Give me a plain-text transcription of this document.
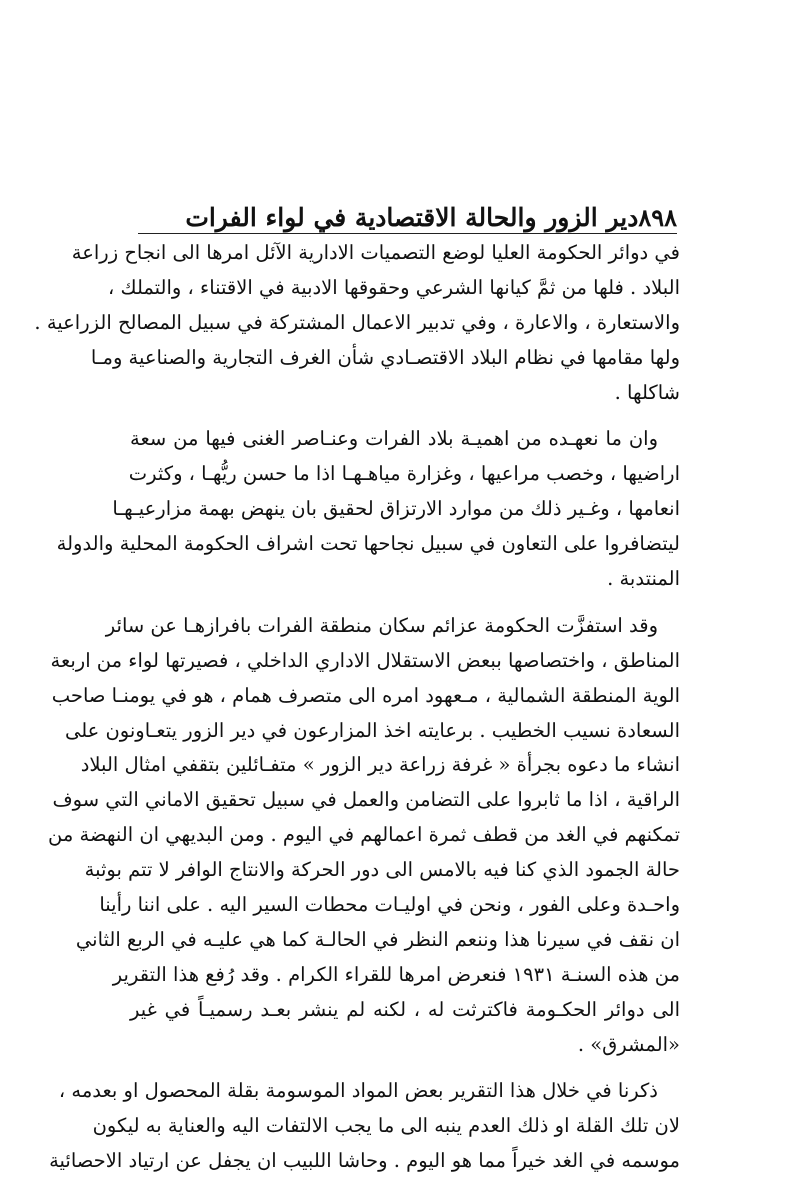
٨٩٨
دير الزور والحالة الاقتصادية في لواء الفرات
في دوائر الحكومة العليا لوضع التصميات الادارية الآئل امرها الى انجاح زراعة
البلاد . فلها من ثمَّ كيانها الشرعي وحقوقها الادبية في الاقتناء ، والتملك ،
والاستعارة ، والاعارة ، وفي تدبير الاعمال المشتركة في سبيل المصالح الزراعية .
ولها مقامها في نظام البلاد الاقتصـادي شأن الغرف التجارية والصناعية ومـا
شاكلها .
وان ما نعهـده من اهميـة بلاد الفرات وعنـاصر الغنى فيها من سعة
اراضيها ، وخصب مراعيها ، وغزارة مياهـهـا اذا ما حسن ريُّهـا ، وكثرت
انعامها ، وغـير ذلك من موارد الارتزاق لحقيق بان ينهض بهمة مزارعيـهـا
ليتضافروا على التعاون في سبيل نجاحها تحت اشراف الحكومة المحلية والدولة
المنتدبة .
وقد استفزَّت الحكومة عزائم سكان منطقة الفرات بافرازهـا عن سائر
المناطق ، واختصاصها ببعض الاستقلال الاداري الداخلي ، فصيرتها لواء من اربعة
الوية المنطقة الشمالية ، مـعهود امره الى متصرف همام ، هو في يومنـا صاحب
السعادة نسيب الخطيب . برعايته اخذ المزارعون في دير الزور يتعـاونون على
انشاء ما دعوه بجرأة « غرفة زراعة دير الزور » متفـائلين بتقفي امثال البلاد
الراقية ، اذا ما ثابروا على التضامن والعمل في سبيل تحقيق الاماني التي سوف
تمكنهم في الغد من قطف ثمرة اعمالهم في اليوم . ومن البديهي ان النهضة من
حالة الجمود الذي كنا فيه بالامس الى دور الحركة والانتاج الوافر لا تتم بوثبة
واحـدة وعلى الفور ، ونحن في اوليـات محطات السير اليه . على اننا رأينا
ان نقف في سيرنا هذا وننعم النظر في الحالـة كما هي عليـه في الربع الثاني
من هذه السنـة ١٩٣١ فنعرض امرها للقراء الكرام . وقد رُفع هذا التقرير
الى دوائر الحكـومة فاكترثت له ، لكنه لم ينشر بعـد رسميـاً في غير
«المشرق» .
ذكرنا في خلال هذا التقرير بعض المواد الموسومة بقلة المحصول او بعدمه ،
لان تلك القلة او ذلك العدم ينبه الى ما يجب الالتفات اليه والعناية به ليكون
موسمه في الغد خيراً مما هو اليوم . وحاشا اللبيب ان يجفل عن ارتياد الاحصائية
